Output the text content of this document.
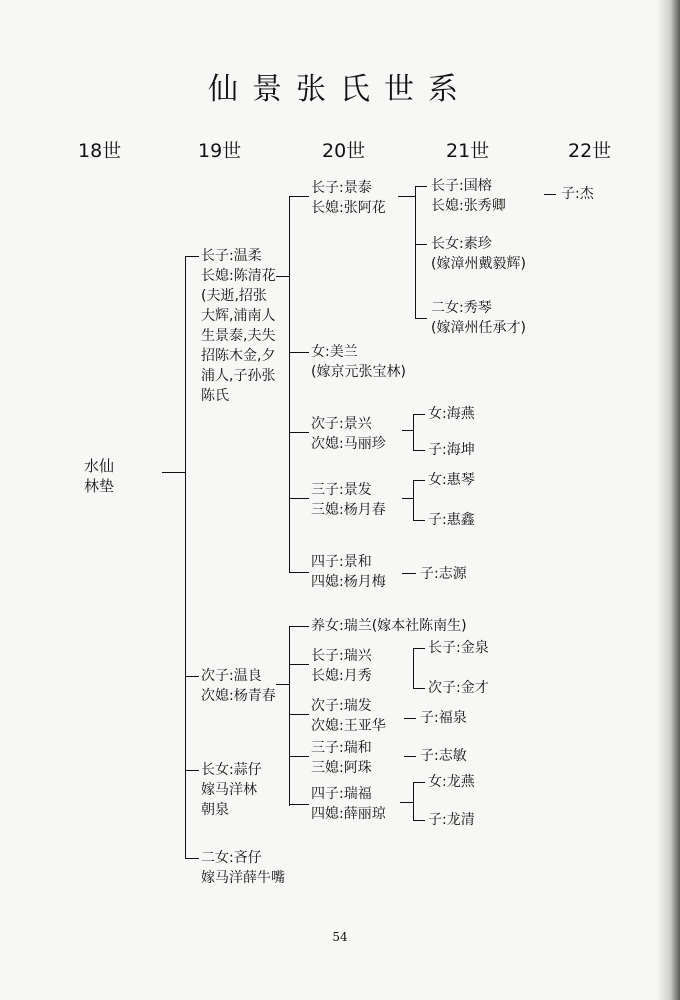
仙景张氏世系
18世	19世	20世	21世	22世
水仙
林垫
长子:温柔
长媳:陈清花
(夫逝,招张
大辉,浦南人
生景泰,夫失
招陈木金,夕
浦人,子孙张
陈氏
次子:温良
次媳:杨青春
长女:蒜仔
嫁马洋林
朝泉
二女:吝仔
嫁马洋薛牛嘴
长子:景泰
长媳:张阿花
女:美兰
(嫁京元张宝林)
次子:景兴
次媳:马丽珍
三子:景发
三媳:杨月春
四子:景和
四媳:杨月梅
养女:瑞兰(嫁本社陈南生)
长子:瑞兴
长媳:月秀
次子:瑞发
次媳:王亚华
三子:瑞和
三媳:阿珠
四子:瑞福
四媳:薛丽琼
长子:国榕
长媳:张秀卿
长女:素珍
(嫁漳州戴毅辉)
二女:秀琴
(嫁漳州任承才)
女:海燕
子:海坤
女:惠琴
子:惠鑫
子:志源
长子:金泉
次子:金才
子:福泉
子:志敏
女:龙燕
子:龙清
子:杰
54
